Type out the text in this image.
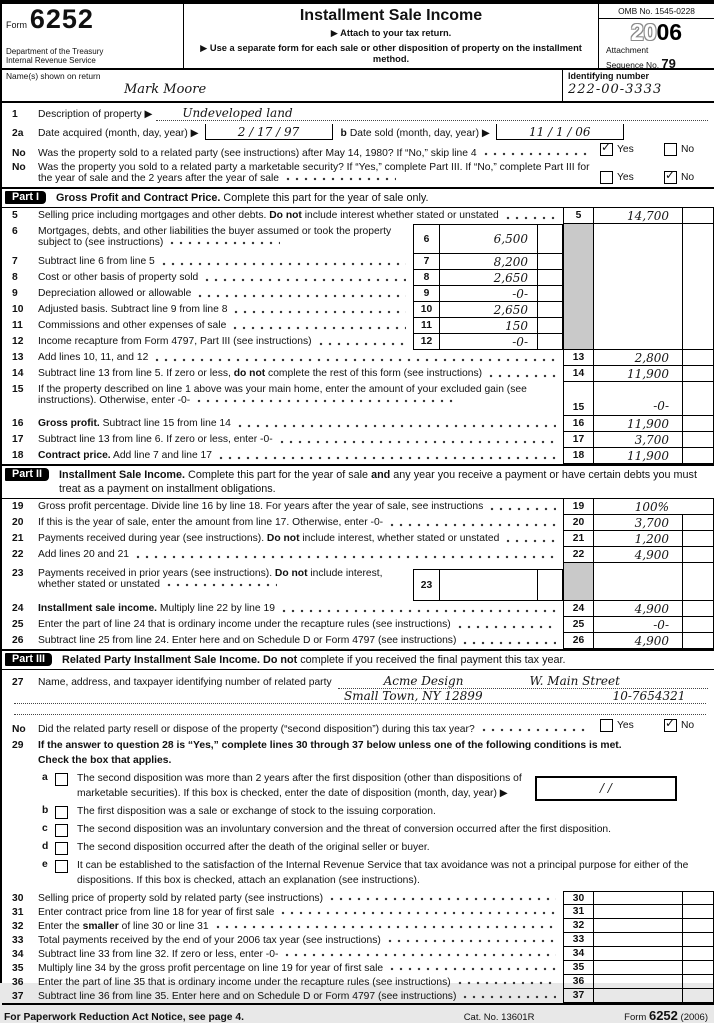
Form 6252
Department of the Treasury
Internal Revenue Service
Installment Sale Income
▶ Attach to your tax return.
▶ Use a separate form for each sale or other disposition of property on the installment method.
OMB No. 1545-0228
2006
Attachment
Sequence No. 79
Name(s) shown on return
Mark Moore
Identifying number
222-00-3333
1	Description of property ▶	Undeveloped land
2a	Date acquired (month, day, year) ▶	2 / 17 / 97	b Date sold (month, day, year) ▶	11 / 1 / 06
No	Was the property sold to a related party (see instructions) after May 14, 1980? If “No,” skip line 4	✓ Yes	No
No	Was the property you sold to a related party a marketable security? If “Yes,” complete Part III. If “No,” complete Part III for the year of sale and the 2 years after the year of sale	Yes	✓ No
Part I	Gross Profit and Contract Price. Complete this part for the year of sale only.
5	Selling price including mortgages and other debts. Do not include interest whether stated or unstated	5	14,700
6	Mortgages, debts, and other liabilities the buyer assumed or took the property subject to (see instructions)	6	6,500
7	Subtract line 6 from line 5	7	8,200
8	Cost or other basis of property sold	8	2,650
9	Depreciation allowed or allowable	9	-0-
10	Adjusted basis. Subtract line 9 from line 8	10	2,650
11	Commissions and other expenses of sale	11	150
12	Income recapture from Form 4797, Part III (see instructions)	12	-0-
13	Add lines 10, 11, and 12	13	2,800
14	Subtract line 13 from line 5. If zero or less, do not complete the rest of this form (see instructions)	14	11,900
15	If the property described on line 1 above was your main home, enter the amount of your excluded gain (see instructions). Otherwise, enter -0-
15	-0-
16	Gross profit. Subtract line 15 from line 14	16	11,900
17	Subtract line 13 from line 6. If zero or less, enter -0-	17	3,700
18	Contract price. Add line 7 and line 17	18	11,900
Part II	Installment Sale Income. Complete this part for the year of sale and any year you receive a payment or have certain debts you must treat as a payment on installment obligations.
19	Gross profit percentage. Divide line 16 by line 18. For years after the year of sale, see instructions	19	100%
20	If this is the year of sale, enter the amount from line 17. Otherwise, enter -0-	20	3,700
21	Payments received during year (see instructions). Do not include interest, whether stated or unstated	21	1,200
22	Add lines 20 and 21	22	4,900
23	Payments received in prior years (see instructions). Do not include interest, whether stated or unstated	23
24	Installment sale income. Multiply line 22 by line 19	24	4,900
25	Enter the part of line 24 that is ordinary income under the recapture rules (see instructions)	25	-0-
26	Subtract line 25 from line 24. Enter here and on Schedule D or Form 4797 (see instructions)	26	4,900
Part III	Related Party Installment Sale Income. Do not complete if you received the final payment this tax year.
27	Name, address, and taxpayer identifying number of related party	Acme Design	W. Main Street
Small Town, NY 12899	10-7654321
No	Did the related party resell or dispose of the property (“second disposition”) during this tax year?	Yes	✓ No
29	If the answer to question 28 is “Yes,” complete lines 30 through 37 below unless one of the following conditions is met. Check the box that applies.
a	The second disposition was more than 2 years after the first disposition (other than dispositions of marketable securities). If this box is checked, enter the date of disposition (month, day, year) ▶	/ /
b	The first disposition was a sale or exchange of stock to the issuing corporation.
c	The second disposition was an involuntary conversion and the threat of conversion occurred after the first disposition.
d	The second disposition occurred after the death of the original seller or buyer.
e	It can be established to the satisfaction of the Internal Revenue Service that tax avoidance was not a principal purpose for either of the dispositions. If this box is checked, attach an explanation (see instructions).
30	Selling price of property sold by related party (see instructions)	30
31	Enter contract price from line 18 for year of first sale	31
32	Enter the smaller of line 30 or line 31	32
33	Total payments received by the end of your 2006 tax year (see instructions)	33
34	Subtract line 33 from line 32. If zero or less, enter -0-	34
35	Multiply line 34 by the gross profit percentage on line 19 for year of first sale	35
36	Enter the part of line 35 that is ordinary income under the recapture rules (see instructions)	36
37	Subtract line 36 from line 35. Enter here and on Schedule D or Form 4797 (see instructions)	37
For Paperwork Reduction Act Notice, see page 4.	Cat. No. 13601R	Form 6252 (2006)
